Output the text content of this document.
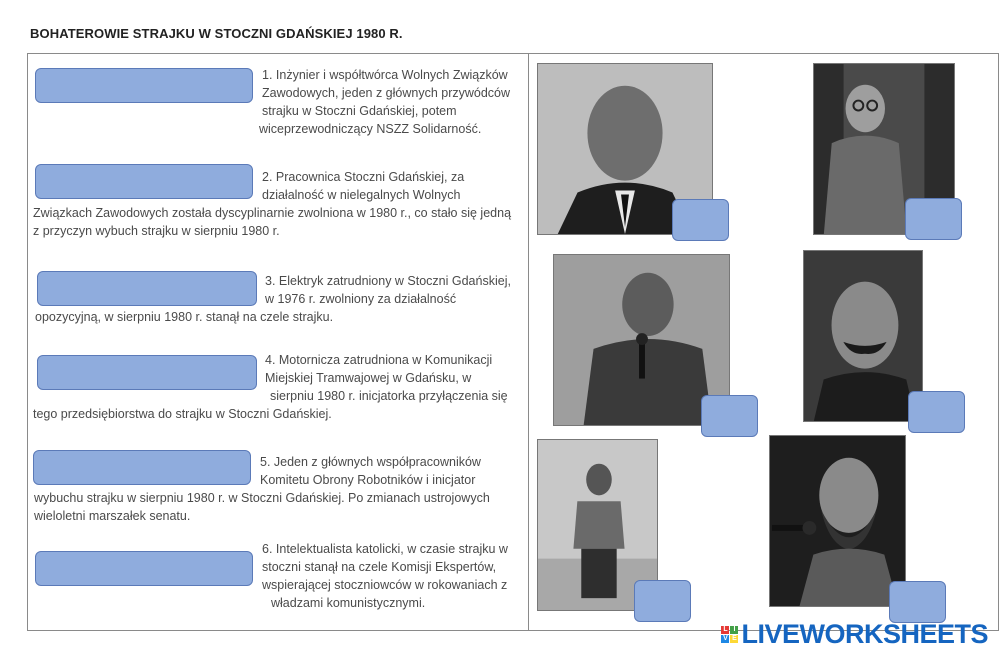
BOHATEROWIE STRAJKU W STOCZNI GDAŃSKIEJ 1980 R.
1. Inżynier i współtwórca Wolnych Związków
Zawodowych, jeden z głównych przywódców
strajku w Stoczni Gdańskiej, potem
wiceprzewodniczący NSZZ Solidarność.
2. Pracownica Stoczni Gdańskiej, za
działalność w nielegalnych Wolnych
Związkach Zawodowych została dyscyplinarnie zwolniona w 1980 r., co stało się jedną
z przyczyn wybuch strajku w sierpniu 1980 r.
3. Elektryk zatrudniony w Stoczni Gdańskiej,
w 1976 r. zwolniony za działalność
opozycyjną, w sierpniu 1980 r. stanął na czele strajku.
4. Motornicza zatrudniona w Komunikacji
Miejskiej Tramwajowej w Gdańsku, w
sierpniu 1980 r. inicjatorka przyłączenia się
tego przedsiębiorstwa do strajku w Stoczni Gdańskiej.
5. Jeden z głównych współpracowników
Komitetu Obrony Robotników i inicjator
wybuchu strajku w sierpniu 1980 r. w Stoczni Gdańskiej. Po zmianach ustrojowych
wieloletni marszałek senatu.
6. Intelektualista katolicki, w czasie strajku w
stoczni stanął na czele Komisji Ekspertów,
wspierającej stoczniowców w rokowaniach z
władzami komunistycznymi.
L I
V E LIVEWORKSHEETS
